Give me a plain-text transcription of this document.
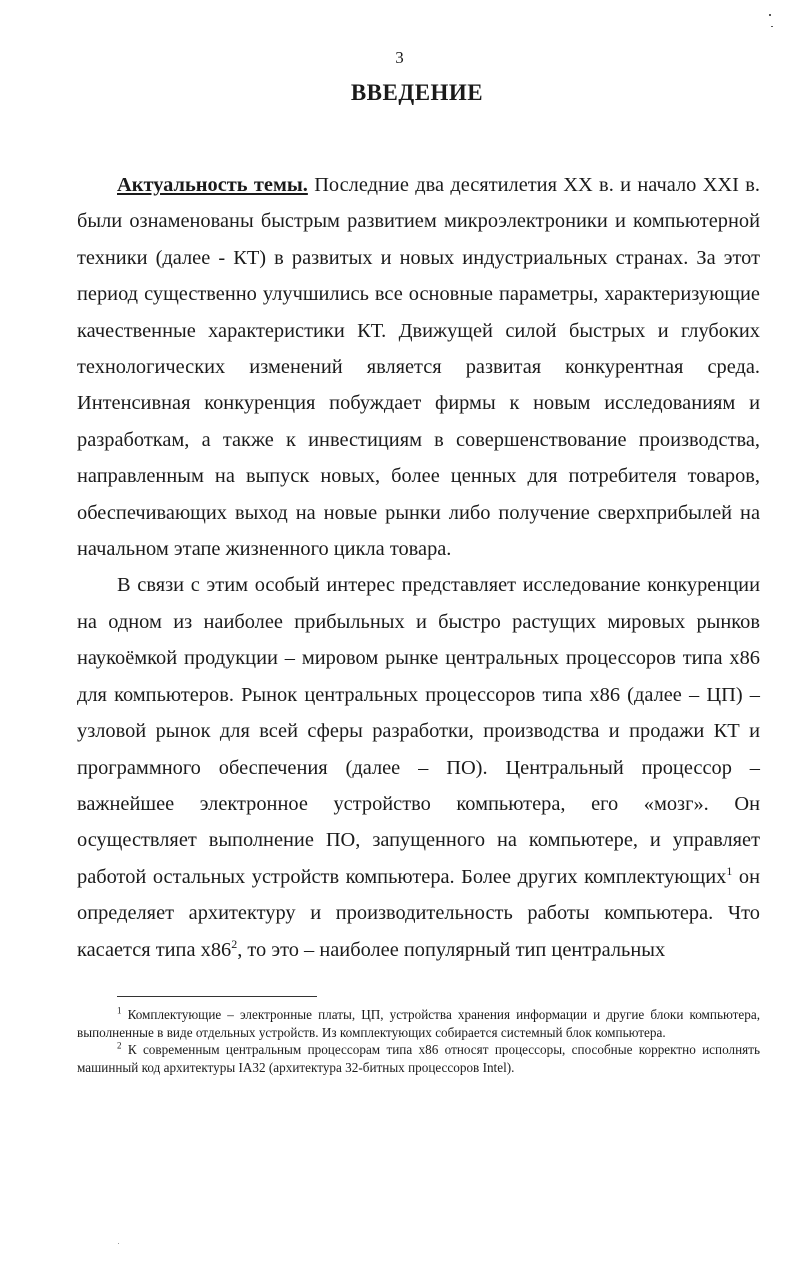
3
ВВЕДЕНИЕ

Актуальность темы. Последние два десятилетия XX в. и начало XXI в. были ознаменованы быстрым развитием микроэлектроники и компьютерной техники (далее - КТ) в развитых и новых индустриальных странах. За этот период существенно улучшились все основные параметры, характеризующие качественные характеристики КТ. Движущей силой быстрых и глубоких технологических изменений является развитая конкурентная среда. Интенсивная конкуренция побуждает фирмы к новым исследованиям и разработкам, а также к инвестициям в совершенствование производства, направленным на выпуск новых, более ценных для потребителя товаров, обеспечивающих выход на новые рынки либо получение сверхприбылей на начальном этапе жизненного цикла товара.

В связи с этим особый интерес представляет исследование конкуренции на одном из наиболее прибыльных и быстро растущих мировых рынков наукоёмкой продукции – мировом рынке центральных процессоров типа x86 для компьютеров. Рынок центральных процессоров типа x86 (далее – ЦП) – узловой рынок для всей сферы разработки, производства и продажи КТ и программного обеспечения (далее – ПО). Центральный процессор – важнейшее электронное устройство компьютера, его «мозг». Он осуществляет выполнение ПО, запущенного на компьютере, и управляет работой остальных устройств компьютера. Более других комплектующих$^1$ он определяет архитектуру и производительность работы компьютера. Что касается типа $x86^2$, то это – наиболее популярный тип центральных

$^1$ Комплектующие – электронные платы, ЦП, устройства хранения информации и другие блоки компьютера, выполненные в виде отдельных устройств. Из комплектующих собирается системный блок компьютера.

$^2$ К современным центральным процессорам типа x86 относят процессоры, способные корректно исполнять машинный код архитектуры IA32 (архитектура 32-битных процессоров Intel).
